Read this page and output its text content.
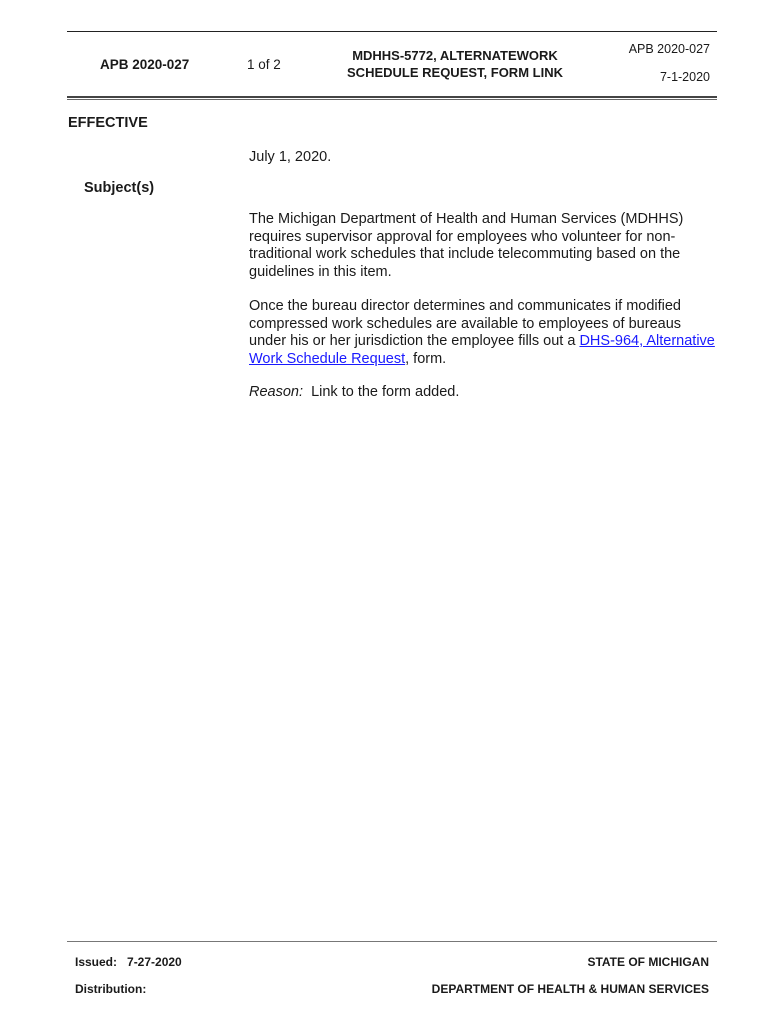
APB 2020-027	1 of 2
MDHHS-5772, ALTERNATEWORK
SCHEDULE REQUEST, FORM LINK
APB 2020-027
7-1-2020
EFFECTIVE
July 1, 2020.
Subject(s)
The Michigan Department of Health and Human Services (MDHHS) requires supervisor approval for employees who volunteer for non-traditional work schedules that include telecommuting based on the guidelines in this item.
Once the bureau director determines and communicates if modified compressed work schedules are available to employees of bureaus under his or her jurisdiction the employee fills out a DHS-964, Alternative Work Schedule Request, form.
Reason:  Link to the form added.
Issued:   7-27-2020
Distribution:
STATE OF MICHIGAN
DEPARTMENT OF HEALTH & HUMAN SERVICES
